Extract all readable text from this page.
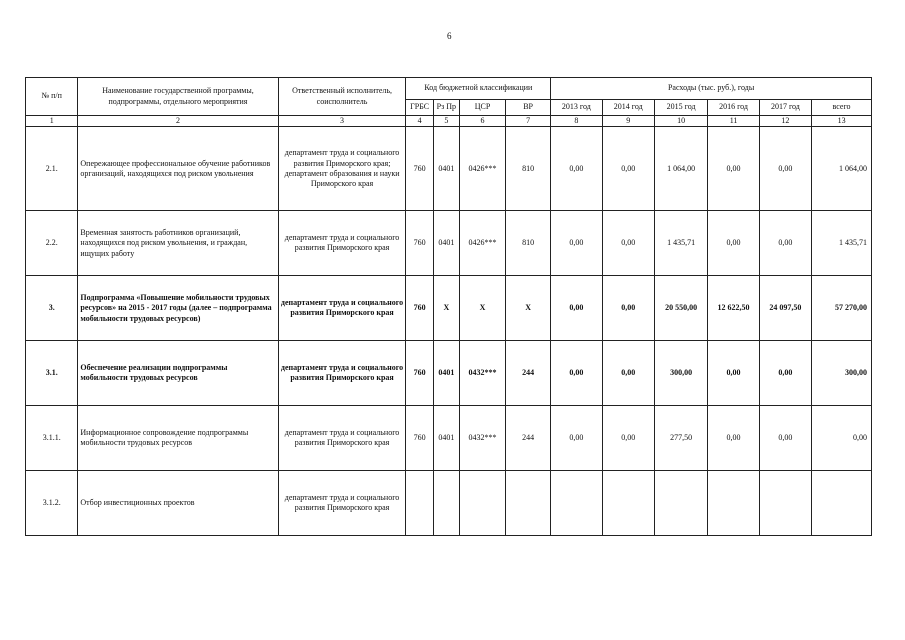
6
№ п/п	Наименование государственной программы, подпрограммы, отдельного мероприятия	Ответственный исполнитель, соисполнитель	Код бюджетной классификации				Расходы (тыс. руб.), годы					
			ГРБС	Рз Пр	ЦСР	ВР	2013 год	2014 год	2015 год	2016 год	2017 год	всего
1	2	3	4	5	6	7	8	9	10	11	12	13
2.1.	Опережающее профессиональное обучение работников организаций, находящихся под риском увольнения	департамент труда и социального развития Приморского края; департамент образования и науки Приморского края	760	0401	0426***	810	0,00	0,00	1 064,00	0,00	0,00	1 064,00
2.2.	Временная занятость работников организаций, находящихся под риском увольнения, и граждан, ищущих работу	департамент труда и социального развития Приморского края	760	0401	0426***	810	0,00	0,00	1 435,71	0,00	0,00	1 435,71
3.	Подпрограмма «Повышение мобильности трудовых ресурсов» на 2015 - 2017 годы (далее – подпрограмма мобильности трудовых ресурсов)	департамент труда и социального развития Приморского края	760	X	X	X	0,00	0,00	20 550,00	12 622,50	24 097,50	57 270,00
3.1.	Обеспечение реализации подпрограммы мобильности трудовых ресурсов	департамент труда и социального развития Приморского края	760	0401	0432***	244	0,00	0,00	300,00	0,00	0,00	300,00
3.1.1.	Информационное сопровождение подпрограммы мобильности трудовых ресурсов	департамент труда и социального развития Приморского края	760	0401	0432***	244	0,00	0,00	277,50	0,00	0,00	0,00
3.1.2.	Отбор инвестиционных проектов	департамент труда и социального развития Приморского края										
